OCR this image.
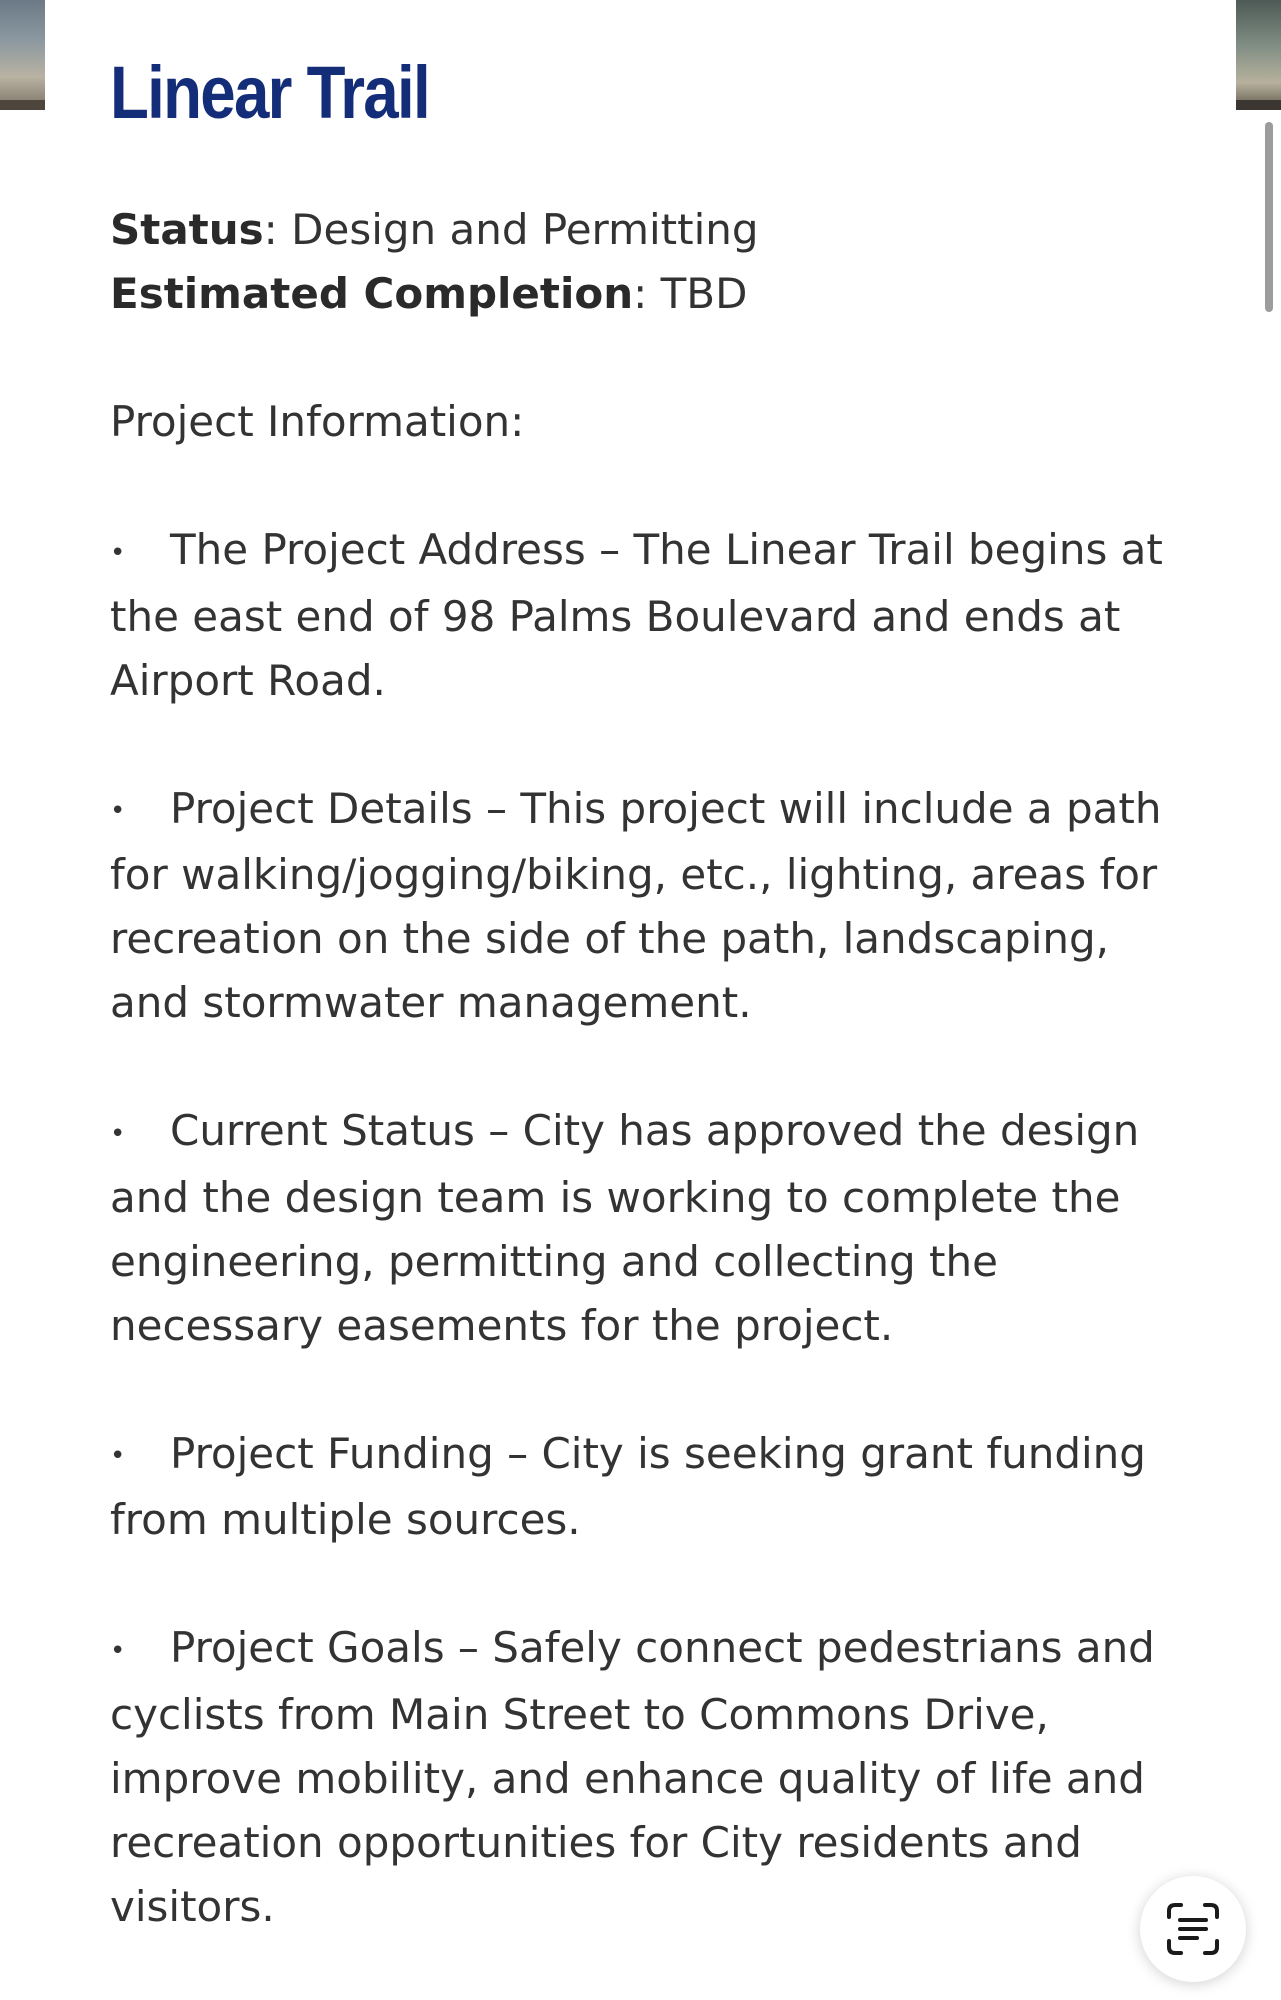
Linear Trail
Status: Design and Permitting
Estimated Completion: TBD
Project Information:
• The Project Address – The Linear Trail begins at the east end of 98 Palms Boulevard and ends at Airport Road.
• Project Details – This project will include a path for walking/jogging/biking, etc., lighting, areas for recreation on the side of the path, landscaping, and stormwater management.
• Current Status – City has approved the design and the design team is working to complete the engineering, permitting and collecting the necessary easements for the project.
• Project Funding – City is seeking grant funding from multiple sources.
• Project Goals – Safely connect pedestrians and cyclists from Main Street to Commons Drive, improve mobility, and enhance quality of life and recreation opportunities for City residents and visitors.
